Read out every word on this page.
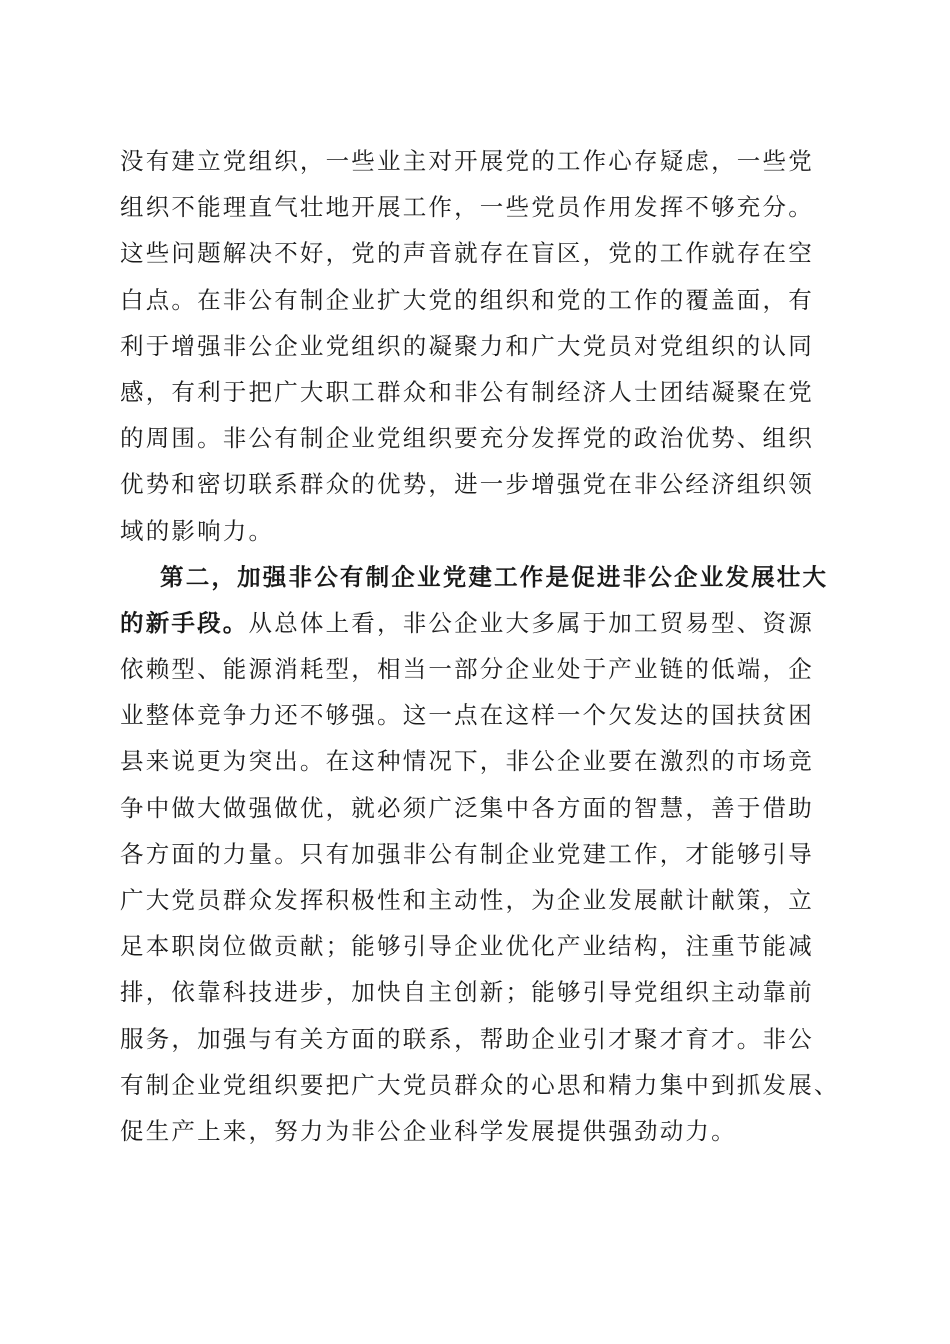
没有建立党组织，一些业主对开展党的工作心存疑虑，一些党
组织不能理直气壮地开展工作，一些党员作用发挥不够充分。
这些问题解决不好，党的声音就存在盲区，党的工作就存在空
白点。在非公有制企业扩大党的组织和党的工作的覆盖面，有
利于增强非公企业党组织的凝聚力和广大党员对党组织的认同
感，有利于把广大职工群众和非公有制经济人士团结凝聚在党
的周围。非公有制企业党组织要充分发挥党的政治优势、组织
优势和密切联系群众的优势，进一步增强党在非公经济组织领
域的影响力。
第二，加强非公有制企业党建工作是促进非公企业发展壮大
的新手段。从总体上看，非公企业大多属于加工贸易型、资源
依赖型、能源消耗型，相当一部分企业处于产业链的低端，企
业整体竞争力还不够强。这一点在这样一个欠发达的国扶贫困
县来说更为突出。在这种情况下，非公企业要在激烈的市场竞
争中做大做强做优，就必须广泛集中各方面的智慧，善于借助
各方面的力量。只有加强非公有制企业党建工作，才能够引导
广大党员群众发挥积极性和主动性，为企业发展献计献策，立
足本职岗位做贡献；能够引导企业优化产业结构，注重节能减
排，依靠科技进步，加快自主创新；能够引导党组织主动靠前
服务，加强与有关方面的联系，帮助企业引才聚才育才。非公
有制企业党组织要把广大党员群众的心思和精力集中到抓发展、
促生产上来，努力为非公企业科学发展提供强劲动力。
